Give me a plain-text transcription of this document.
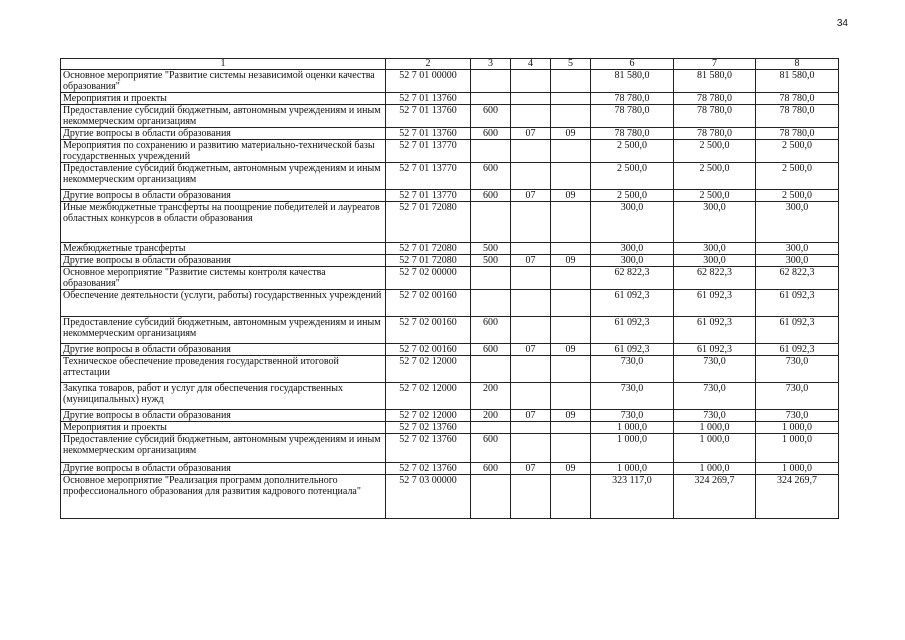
34
1	2	3	4	5	6	7	8
Основное мероприятие "Развитие системы независимой оценки качества образования"	52 7 01 00000				81 580,0	81 580,0	81 580,0
Мероприятия и проекты	52 7 01 13760				78 780,0	78 780,0	78 780,0
Предоставление субсидий бюджетным, автономным учреждениям и иным некоммерческим организациям	52 7 01 13760	600			78 780,0	78 780,0	78 780,0
Другие вопросы в области образования	52 7 01 13760	600	07	09	78 780,0	78 780,0	78 780,0
Мероприятия по сохранению и развитию материально-технической базы государственных учреждений	52 7 01 13770				2 500,0	2 500,0	2 500,0
Предоставление субсидий бюджетным, автономным учреждениям и иным некоммерческим организациям	52 7 01 13770	600			2 500,0	2 500,0	2 500,0
Другие вопросы в области образования	52 7 01 13770	600	07	09	2 500,0	2 500,0	2 500,0
Иные межбюджетные трансферты на поощрение победителей и лауреатов областных конкурсов в области образования	52 7 01 72080				300,0	300,0	300,0
Межбюджетные трансферты	52 7 01 72080	500			300,0	300,0	300,0
Другие вопросы в области образования	52 7 01 72080	500	07	09	300,0	300,0	300,0
Основное мероприятие "Развитие системы контроля качества образования"	52 7 02 00000				62 822,3	62 822,3	62 822,3
Обеспечение деятельности (услуги, работы) государственных учреждений	52 7 02 00160				61 092,3	61 092,3	61 092,3
Предоставление субсидий бюджетным, автономным учреждениям и иным некоммерческим организациям	52 7 02 00160	600			61 092,3	61 092,3	61 092,3
Другие вопросы в области образования	52 7 02 00160	600	07	09	61 092,3	61 092,3	61 092,3
Техническое обеспечение проведения государственной итоговой аттестации	52 7 02 12000				730,0	730,0	730,0
Закупка товаров, работ и услуг для обеспечения государственных (муниципальных) нужд	52 7 02 12000	200			730,0	730,0	730,0
Другие вопросы в области образования	52 7 02 12000	200	07	09	730,0	730,0	730,0
Мероприятия и проекты	52 7 02 13760				1 000,0	1 000,0	1 000,0
Предоставление субсидий бюджетным, автономным учреждениям и иным некоммерческим организациям	52 7 02 13760	600			1 000,0	1 000,0	1 000,0
Другие вопросы в области образования	52 7 02 13760	600	07	09	1 000,0	1 000,0	1 000,0
Основное мероприятие "Реализация программ дополнительного профессионального образования для развития кадрового потенциала"	52 7 03 00000				323 117,0	324 269,7	324 269,7
